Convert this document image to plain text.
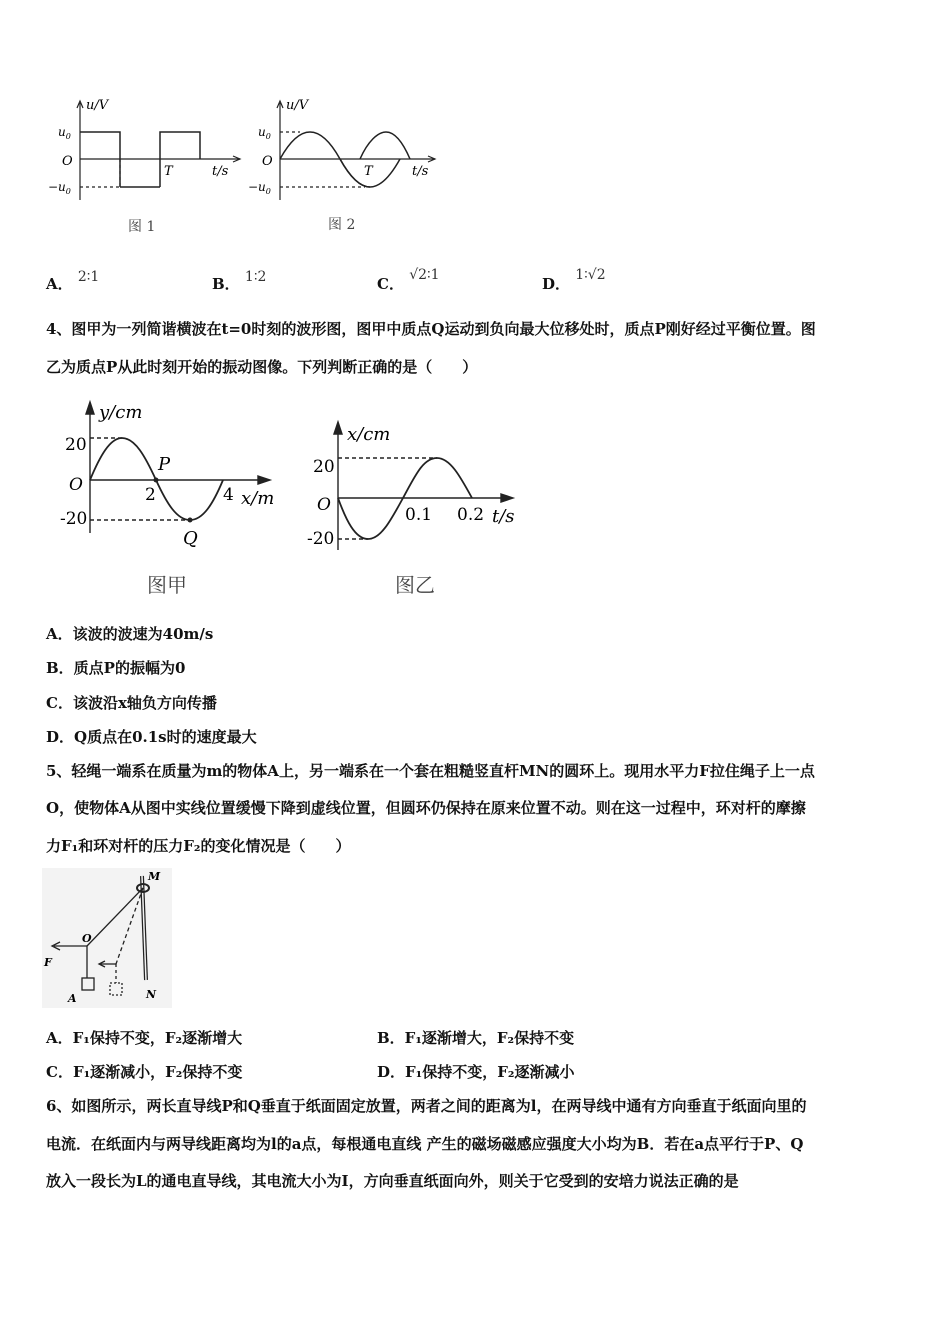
u/V
$u_0$
O
$-u_0$
T	t/s
图 1
u/V
$u_0$
O
$-u_0$
T	t/s
图 2
A． 2∶1	B． 1∶2	C． √2∶1	D． 1∶√2
4、图甲为一列简谐横波在t=0时刻的波形图，图甲中质点Q运动到负向最大位移处时，质点P刚好经过平衡位置。图
乙为质点P从此时刻开始的振动图像。下列判断正确的是（　　）
y/cm
20
O
-20
2	4 x/m
P
Q
图甲
x/cm
20
O
-20
0.1 0.2 t/s
图乙
A．该波的波速为40m/s
B．质点P的振幅为0
C．该波沿x轴负方向传播
D．Q质点在0.1s时的速度最大
5、轻绳一端系在质量为m的物体A上，另一端系在一个套在粗糙竖直杆MN的圆环上。现用水平力F拉住绳子上一点
O，使物体A从图中实线位置缓慢下降到虚线位置，但圆环仍保持在原来位置不动。则在这一过程中，环对杆的摩擦
力F₁和环对杆的压力F₂的变化情况是（　　）
M
N
O
F
A
A．F₁保持不变，F₂逐渐增大	B．F₁逐渐增大，F₂保持不变
C．F₁逐渐减小，F₂保持不变	D．F₁保持不变，F₂逐渐减小
6、如图所示，两长直导线P和Q垂直于纸面固定放置，两者之间的距离为l，在两导线中通有方向垂直于纸面向里的
电流．在纸面内与两导线距离均为l的a点，每根通电直线 产生的磁场磁感应强度大小均为B．若在a点平行于P、Q
放入一段长为L的通电直导线，其电流大小为I，方向垂直纸面向外，则关于它受到的安培力说法正确的是
